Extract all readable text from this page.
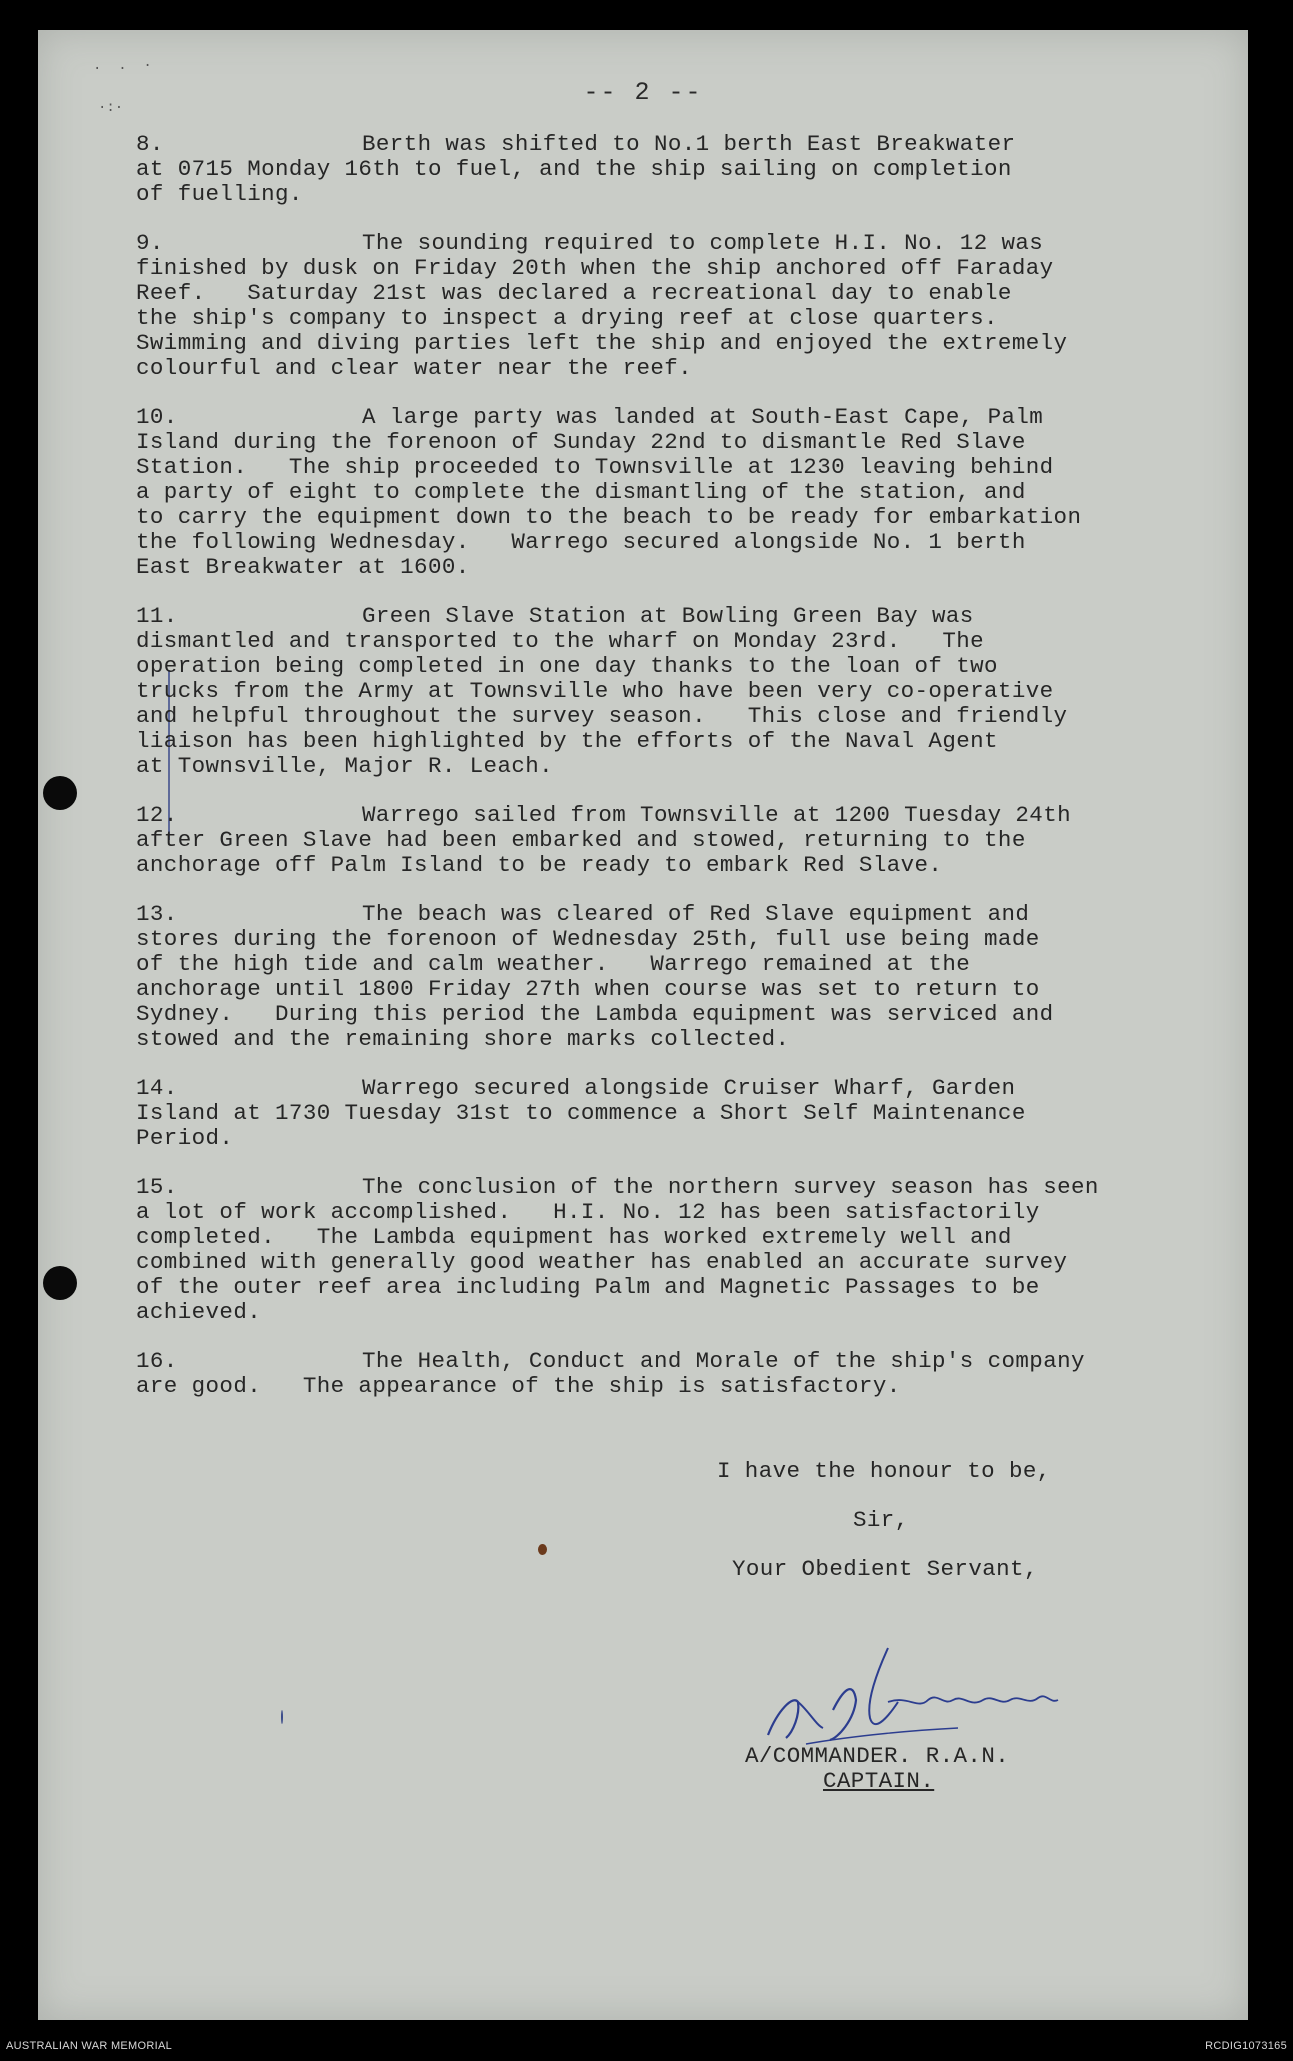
-- 2 --
.  .  ·
·:·
8.	Berth was shifted to No.1 berth East Breakwater
at 0715 Monday 16th to fuel, and the ship sailing on completion
of fuelling.
9.	The sounding required to complete H.I. No. 12 was
finished by dusk on Friday 20th when the ship anchored off Faraday
Reef.   Saturday 21st was declared a recreational day to enable
the ship's company to inspect a drying reef at close quarters.
Swimming and diving parties left the ship and enjoyed the extremely
colourful and clear water near the reef.
10.	A large party was landed at South-East Cape, Palm
Island during the forenoon of Sunday 22nd to dismantle Red Slave
Station.   The ship proceeded to Townsville at 1230 leaving behind
a party of eight to complete the dismantling of the station, and
to carry the equipment down to the beach to be ready for embarkation
the following Wednesday.   Warrego secured alongside No. 1 berth
East Breakwater at 1600.
11.	Green Slave Station at Bowling Green Bay was
dismantled and transported to the wharf on Monday 23rd.   The
operation being completed in one day thanks to the loan of two
trucks from the Army at Townsville who have been very co-operative
and helpful throughout the survey season.   This close and friendly
liaison has been highlighted by the efforts of the Naval Agent
at Townsville, Major R. Leach.
12.	Warrego sailed from Townsville at 1200 Tuesday 24th
after Green Slave had been embarked and stowed, returning to the
anchorage off Palm Island to be ready to embark Red Slave.
13.	The beach was cleared of Red Slave equipment and
stores during the forenoon of Wednesday 25th, full use being made
of the high tide and calm weather.   Warrego remained at the
anchorage until 1800 Friday 27th when course was set to return to
Sydney.   During this period the Lambda equipment was serviced and
stowed and the remaining shore marks collected.
14.	Warrego secured alongside Cruiser Wharf, Garden
Island at 1730 Tuesday 31st to commence a Short Self Maintenance
Period.
15.	The conclusion of the northern survey season has seen
a lot of work accomplished.   H.I. No. 12 has been satisfactorily
completed.   The Lambda equipment has worked extremely well and
combined with generally good weather has enabled an accurate survey
of the outer reef area including Palm and Magnetic Passages to be
achieved.
16.	The Health, Conduct and Morale of the ship's company
are good.   The appearance of the ship is satisfactory.
I have the honour to be,
Sir,
Your Obedient Servant,
A/COMMANDER. R.A.N.
CAPTAIN.
AUSTRALIAN WAR MEMORIAL	RCDIG1073165
